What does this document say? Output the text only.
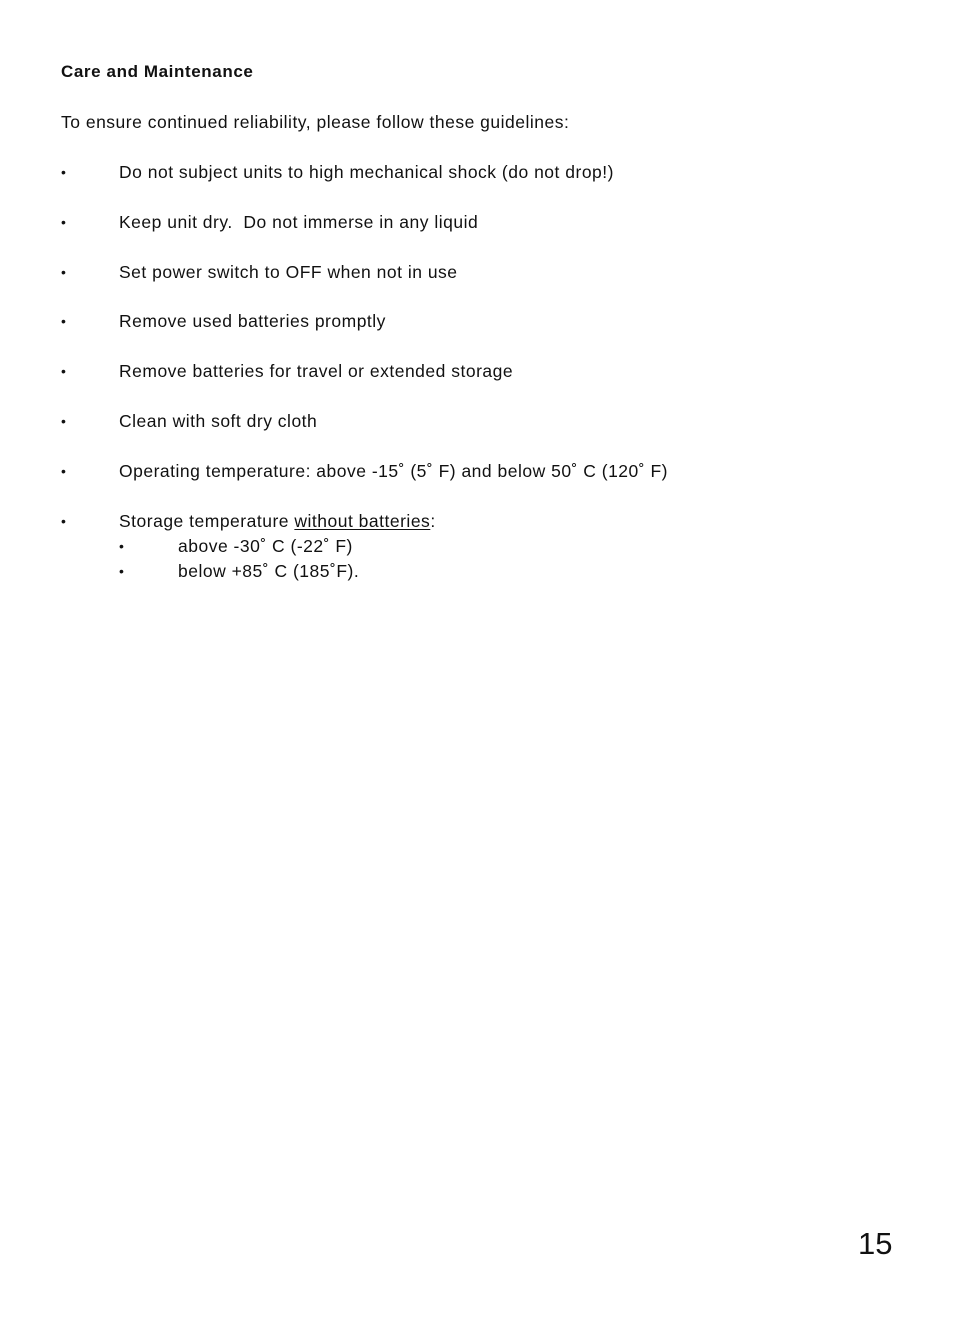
Care and Maintenance
To ensure continued reliability, please follow these guidelines:
•	Do not subject units to high mechanical shock (do not drop!)
•	Keep unit dry.  Do not immerse in any liquid
•	Set power switch to OFF when not in use
•	Remove used batteries promptly
•	Remove batteries for travel or extended storage
•	Clean with soft dry cloth
•	Operating temperature: above -15˚ (5˚ F) and below 50˚ C (120˚ F)
•	Storage temperature without batteries:
•	above -30˚ C (-22˚ F)
•	below +85˚ C (185˚F).
15
